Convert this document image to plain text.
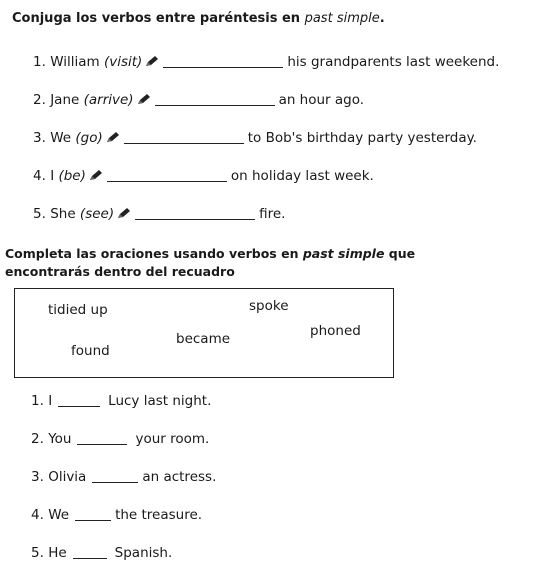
Conjuga los verbos entre paréntesis en past simple.
1. William (visit)	his grandparents last weekend.
2. Jane (arrive)	an hour ago.
3. We (go)	to Bob's birthday party yesterday.
4. I (be)	on holiday last week.
5. She (see)	fire.
Completa las oraciones usando verbos en past simple que
encontrarás dentro del recuadro
tidied up	spoke
phoned
became
found
1. I	Lucy last night.
2. You	your room.
3. Olivia	an actress.
4. We	the treasure.
5. He	Spanish.
